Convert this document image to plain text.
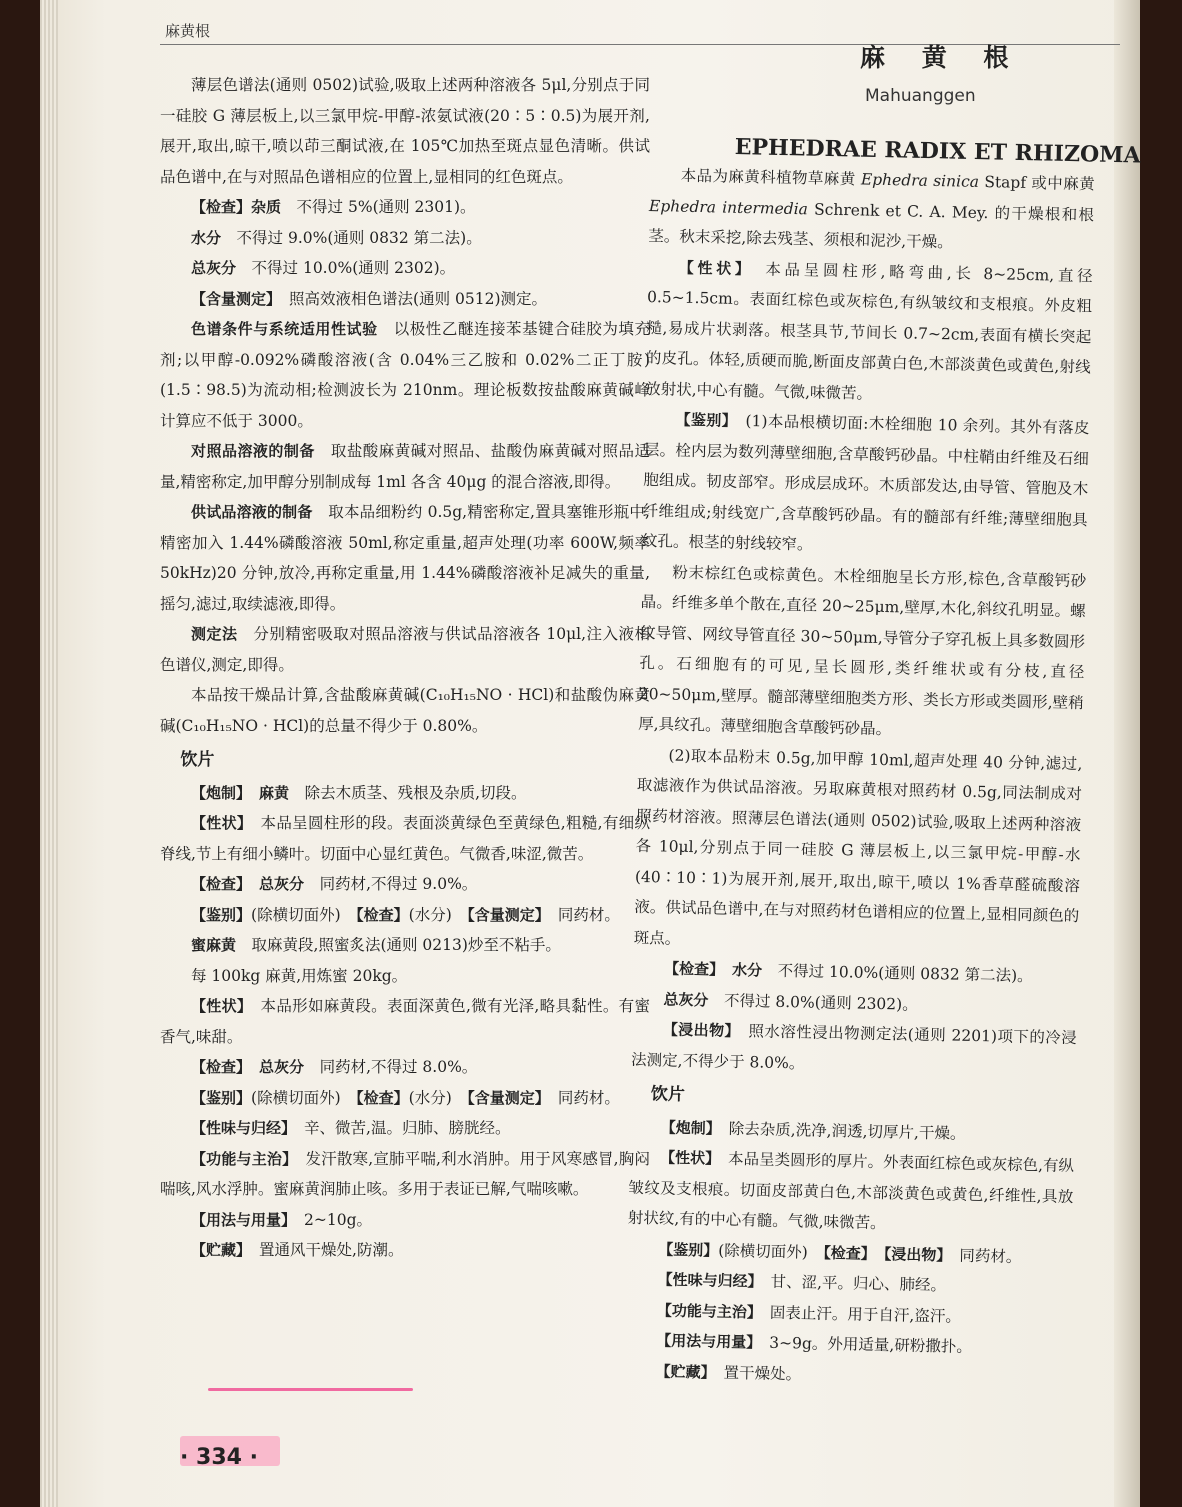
麻黄根
麻 黄 根
Mahuanggen
EPHEDRAE RADIX ET RHIZOMA

薄层色谱法(通则 0502)试验,吸取上述两种溶液各 5μl,分别点于同一硅胶 G 薄层板上,以三氯甲烷-甲醇-浓氨试液(20∶5∶0.5)为展开剂,展开,取出,晾干,喷以茚三酮试液,在 105℃加热至斑点显色清晰。供试品色谱中,在与对照品色谱相应的位置上,显相同的红色斑点。

【检查】杂质　 不得过 5%(通则 2301)。

水分　 不得过 9.0%(通则 0832 第二法)。

总灰分　 不得过 10.0%(通则 2302)。

【含量测定】　 照高效液相色谱法(通则 0512)测定。

色谱条件与系统适用性试验　 以极性乙醚连接苯基键合硅胶为填充剂;以甲醇-0.092%磷酸溶液(含 0.04%三乙胺和 0.02%二正丁胺)(1.5∶98.5)为流动相;检测波长为 210nm。理论板数按盐酸麻黄碱峰计算应不低于 3000。

对照品溶液的制备　 取盐酸麻黄碱对照品、盐酸伪麻黄碱对照品适量,精密称定,加甲醇分别制成每 1ml 各含 40μg 的混合溶液,即得。

供试品溶液的制备　 取本品细粉约 0.5g,精密称定,置具塞锥形瓶中,精密加入 1.44%磷酸溶液 50ml,称定重量,超声处理(功率 600W,频率 50kHz)20 分钟,放冷,再称定重量,用 1.44%磷酸溶液补足减失的重量,摇匀,滤过,取续滤液,即得。

测定法　 分别精密吸取对照品溶液与供试品溶液各 10μl,注入液相色谱仪,测定,即得。

本品按干燥品计算,含盐酸麻黄碱(C₁₀H₁₅NO · HCl)和盐酸伪麻黄碱(C₁₀H₁₅NO · HCl)的总量不得少于 0.80%。

饮片

【炮制】　 麻黄　 除去木质茎、残根及杂质,切段。

【性状】　 本品呈圆柱形的段。表面淡黄绿色至黄绿色,粗糙,有细纵脊线,节上有细小鳞叶。切面中心显红黄色。气微香,味涩,微苦。

【检查】　 总灰分　 同药材,不得过 9.0%。

【鉴别】(除横切面外)　 【检查】(水分)　 【含量测定】　 同药材。

蜜麻黄　 取麻黄段,照蜜炙法(通则 0213)炒至不粘手。

每 100kg 麻黄,用炼蜜 20kg。

【性状】　 本品形如麻黄段。表面深黄色,微有光泽,略具黏性。有蜜香气,味甜。

【检查】　 总灰分　 同药材,不得过 8.0%。

【鉴别】(除横切面外)　 【检查】(水分)　 【含量测定】　 同药材。

【性味与归经】　 辛、微苦,温。归肺、膀胱经。

【功能与主治】　 发汗散寒,宣肺平喘,利水消肿。用于风寒感冒,胸闷喘咳,风水浮肿。蜜麻黄润肺止咳。多用于表证已解,气喘咳嗽。

【用法与用量】　 2~10g。

【贮藏】　 置通风干燥处,防潮。

· 334 ·

本品为麻黄科植物草麻黄 Ephedra sinica Stapf 或中麻黄 Ephedra intermedia Schrenk et C. A. Mey. 的干燥根和根茎。秋末采挖,除去残茎、须根和泥沙,干燥。

【性状】　 本品呈圆柱形,略弯曲,长 8~25cm,直径 0.5~1.5cm。表面红棕色或灰棕色,有纵皱纹和支根痕。外皮粗糙,易成片状剥落。根茎具节,节间长 0.7~2cm,表面有横长突起的皮孔。体轻,质硬而脆,断面皮部黄白色,木部淡黄色或黄色,射线放射状,中心有髓。气微,味微苦。

【鉴别】　 (1)本品根横切面:木栓细胞 10 余列。其外有落皮层。栓内层为数列薄壁细胞,含草酸钙砂晶。中柱鞘由纤维及石细胞组成。韧皮部窄。形成层成环。木质部发达,由导管、管胞及木纤维组成;射线宽广,含草酸钙砂晶。有的髓部有纤维;薄壁细胞具纹孔。根茎的射线较窄。

粉末棕红色或棕黄色。木栓细胞呈长方形,棕色,含草酸钙砂晶。纤维多单个散在,直径 20~25μm,壁厚,木化,斜纹孔明显。螺纹导管、网纹导管直径 30~50μm,导管分子穿孔板上具多数圆形孔。石细胞有的可见,呈长圆形,类纤维状或有分枝,直径 20~50μm,壁厚。髓部薄壁细胞类方形、类长方形或类圆形,壁稍厚,具纹孔。薄壁细胞含草酸钙砂晶。

(2)取本品粉末 0.5g,加甲醇 10ml,超声处理 40 分钟,滤过,取滤液作为供试品溶液。另取麻黄根对照药材 0.5g,同法制成对照药材溶液。照薄层色谱法(通则 0502)试验,吸取上述两种溶液各 10μl,分别点于同一硅胶 G 薄层板上,以三氯甲烷-甲醇-水(40∶10∶1)为展开剂,展开,取出,晾干,喷以 1%香草醛硫酸溶液。供试品色谱中,在与对照药材色谱相应的位置上,显相同颜色的斑点。

【检查】　 水分　 不得过 10.0%(通则 0832 第二法)。

总灰分　 不得过 8.0%(通则 2302)。

【浸出物】　 照水溶性浸出物测定法(通则 2201)项下的冷浸法测定,不得少于 8.0%。

饮片

【炮制】　 除去杂质,洗净,润透,切厚片,干燥。

【性状】　 本品呈类圆形的厚片。外表面红棕色或灰棕色,有纵皱纹及支根痕。切面皮部黄白色,木部淡黄色或黄色,纤维性,具放射状纹,有的中心有髓。气微,味微苦。

【鉴别】(除横切面外)　 【检查】　 【浸出物】　 同药材。

【性味与归经】　 甘、涩,平。归心、肺经。

【功能与主治】　 固表止汗。用于自汗,盗汗。

【用法与用量】　 3~9g。外用适量,研粉撒扑。

【贮藏】　 置干燥处。
